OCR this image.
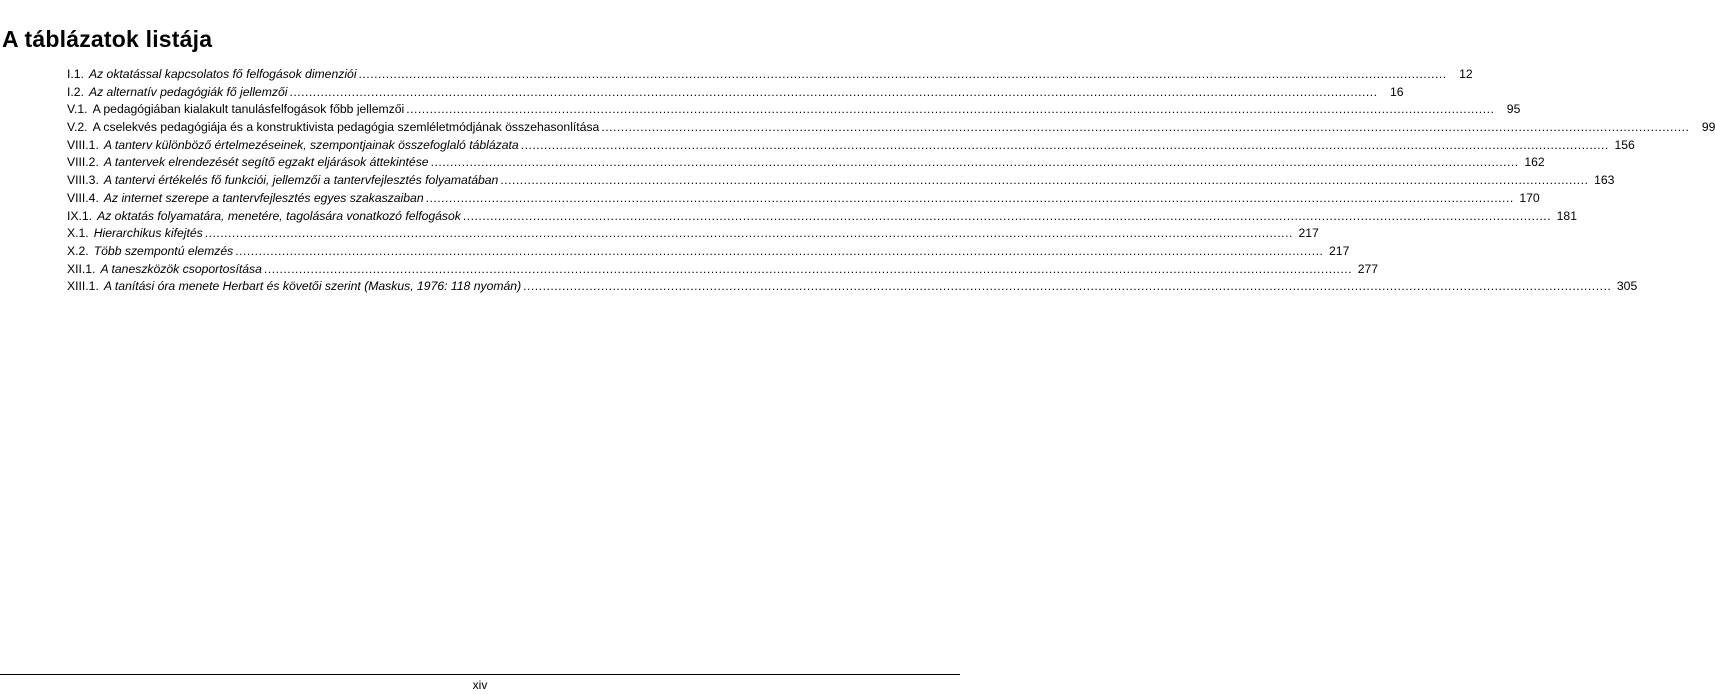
A táblázatok listája
I.1. Az oktatással kapcsolatos fő felfogások dimenziói .....	12
I.2. Az alternatív pedagógiák fő jellemzői .....	16
V.1. A pedagógiában kialakult tanulásfelfogások főbb jellemzői .....	95
V.2. A cselekvés pedagógiája és a konstruktivista pedagógia szemléletmódjának összehasonlítása .....	99
VIII.1. A tanterv különböző értelmezéseinek, szempontjainak összefoglaló táblázata .....	156
VIII.2. A tantervek elrendezését segítő egzakt eljárások áttekintése .....	162
VIII.3. A tantervi értékelés fő funkciói, jellemzői a tantervfejlesztés folyamatában .....	163
VIII.4. Az internet szerepe a tantervfejlesztés egyes szakaszaiban .....	170
IX.1. Az oktatás folyamatára, menetére, tagolására vonatkozó felfogások .....	181
X.1. Hierarchikus kifejtés .....	217
X.2. Több szempontú elemzés .....	217
XII.1. A taneszközök csoportosítása .....	277
XIII.1. A tanítási óra menete Herbart és követői szerint (Maskus, 1976: 118 nyomán) .....	305
xiv
